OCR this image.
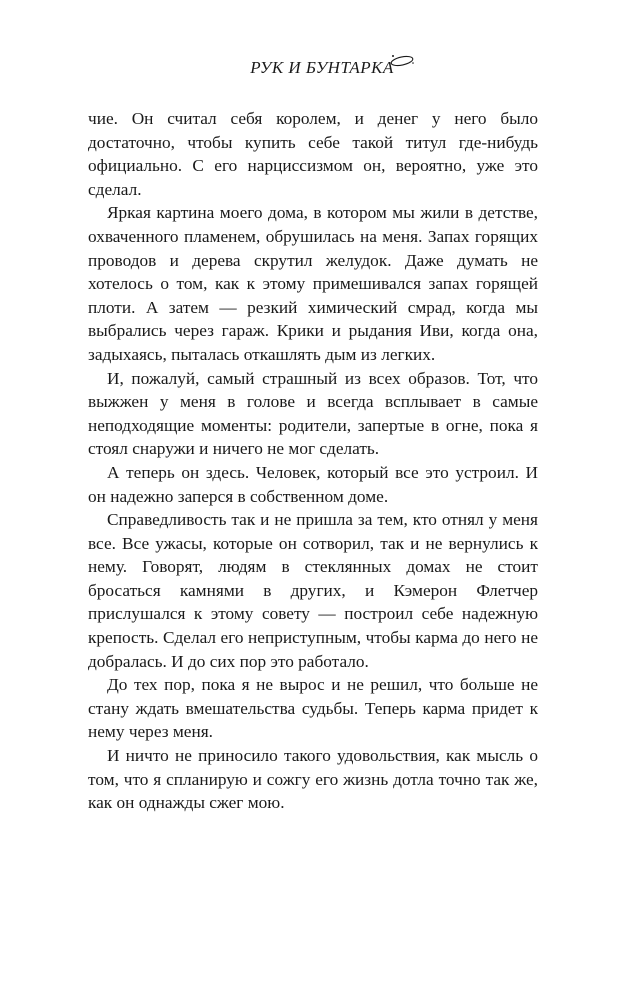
РУК И БУНТАРКА

чие. Он считал себя королем, и денег у него было достаточно, чтобы купить себе такой титул где-нибудь официально. С его нарциссизмом он, вероятно, уже это сделал.

Яркая картина моего дома, в котором мы жили в детстве, охваченного пламенем, обрушилась на меня. Запах горящих проводов и дерева скрутил желудок. Даже думать не хотелось о том, как к этому примешивался запах горящей плоти. А затем — резкий химический смрад, когда мы выбрались через гараж. Крики и рыдания Иви, когда она, задыхаясь, пыталась откашлять дым из легких.

И, пожалуй, самый страшный из всех образов. Тот, что выжжен у меня в голове и всегда всплывает в самые неподходящие моменты: родители, запертые в огне, пока я стоял снаружи и ничего не мог сделать.

А теперь он здесь. Человек, который все это устроил. И он надежно заперся в собственном доме.

Справедливость так и не пришла за тем, кто отнял у меня все. Все ужасы, которые он сотворил, так и не вернулись к нему. Говорят, людям в стеклянных домах не стоит бросаться камнями в других, и Кэмерон Флетчер прислушался к этому совету — построил себе надежную крепость. Сделал его неприступным, чтобы карма до него не добралась. И до сих пор это работало.

До тех пор, пока я не вырос и не решил, что больше не стану ждать вмешательства судьбы. Теперь карма придет к нему через меня.

И ничто не приносило такого удовольствия, как мысль о том, что я спланирую и сожгу его жизнь дотла точно так же, как он однажды сжег мою.
